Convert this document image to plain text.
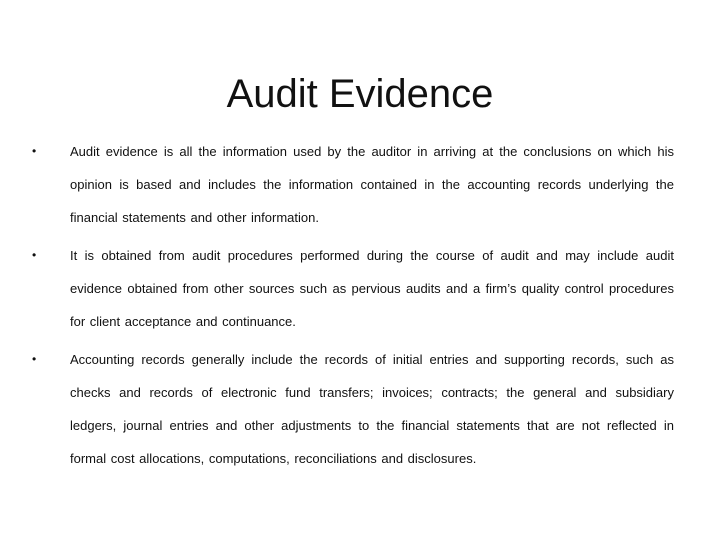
Audit Evidence
•	Audit evidence is all the information used by the auditor in arriving at the conclusions on which his opinion is based and includes the information contained in the accounting records underlying the financial statements and other information.
•	It is obtained from audit procedures performed during the course of audit and may include audit evidence obtained from other sources such as pervious audits and a firm’s quality control procedures for client acceptance and continuance.
•	Accounting records generally include the records of initial entries and supporting records, such as checks and records of electronic fund transfers; invoices; contracts; the general and subsidiary ledgers, journal entries and other adjustments to the financial statements that are not reflected in formal cost allocations, computations, reconciliations and disclosures.
